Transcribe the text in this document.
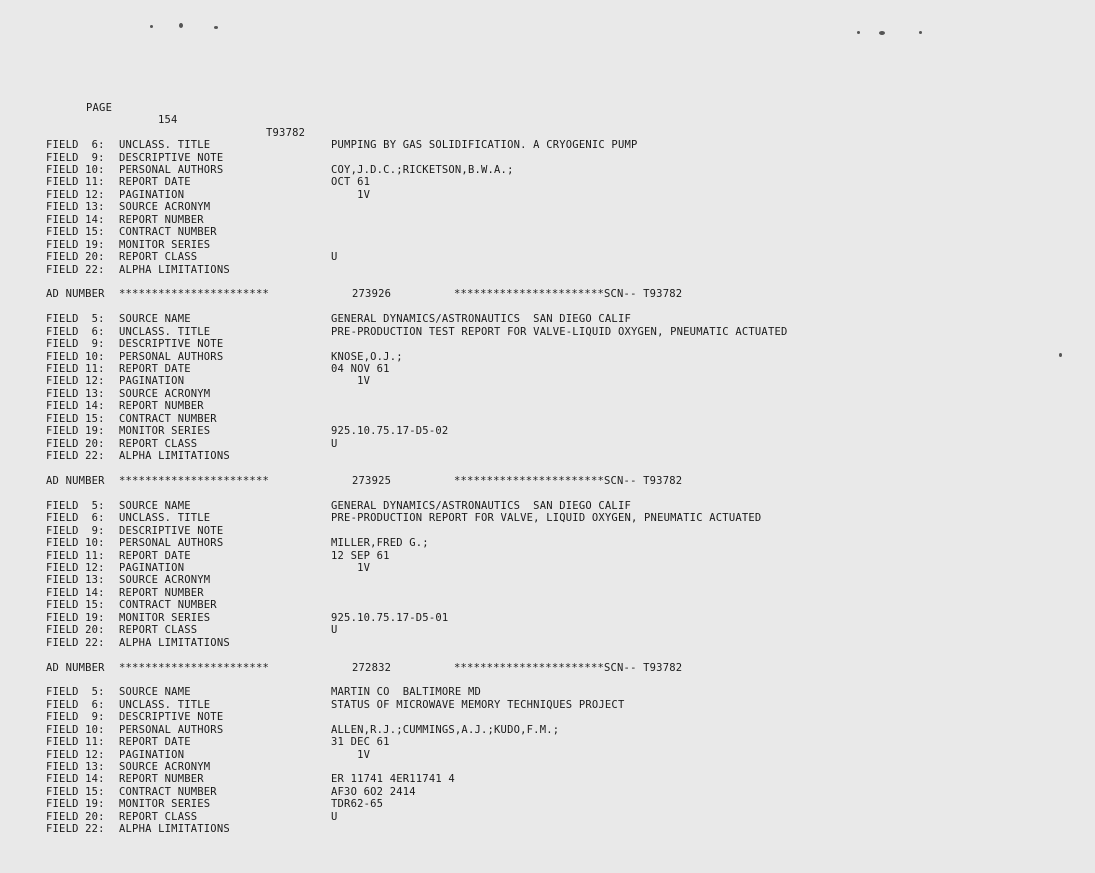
PAGE

154

T93782

FIELD  6: UNCLASS. TITLE	PUMPING BY GAS SOLIDIFICATION. A CRYOGENIC PUMP
FIELD  9: DESCRIPTIVE NOTE
FIELD 10: PERSONAL AUTHORS	COY,J.D.C.;RICKETSON,B.W.A.;
FIELD 11: REPORT DATE	OCT 61
FIELD 12: PAGINATION	1V
FIELD 13: SOURCE ACRONYM
FIELD 14: REPORT NUMBER
FIELD 15: CONTRACT NUMBER
FIELD 19: MONITOR SERIES
FIELD 20: REPORT CLASS	U
FIELD 22: ALPHA LIMITATIONS
AD NUMBER ***********************	273926	***********************SCN-- T93782
FIELD  5: SOURCE NAME	GENERAL DYNAMICS/ASTRONAUTICS  SAN DIEGO CALIF
FIELD  6: UNCLASS. TITLE	PRE-PRODUCTION TEST REPORT FOR VALVE-LIQUID OXYGEN, PNEUMATIC ACTUATED
FIELD  9: DESCRIPTIVE NOTE
FIELD 10: PERSONAL AUTHORS	KNOSE,O.J.;
FIELD 11: REPORT DATE	04 NOV 61
FIELD 12: PAGINATION	1V
FIELD 13: SOURCE ACRONYM
FIELD 14: REPORT NUMBER
FIELD 15: CONTRACT NUMBER
FIELD 19: MONITOR SERIES	925.10.75.17-D5-02
FIELD 20: REPORT CLASS	U
FIELD 22: ALPHA LIMITATIONS
AD NUMBER ***********************	273925	***********************SCN-- T93782
FIELD  5: SOURCE NAME	GENERAL DYNAMICS/ASTRONAUTICS  SAN DIEGO CALIF
FIELD  6: UNCLASS. TITLE	PRE-PRODUCTION REPORT FOR VALVE, LIQUID OXYGEN, PNEUMATIC ACTUATED
FIELD  9: DESCRIPTIVE NOTE
FIELD 10: PERSONAL AUTHORS	MILLER,FRED G.;
FIELD 11: REPORT DATE	12 SEP 61
FIELD 12: PAGINATION	1V
FIELD 13: SOURCE ACRONYM
FIELD 14: REPORT NUMBER
FIELD 15: CONTRACT NUMBER
FIELD 19: MONITOR SERIES	925.10.75.17-D5-01
FIELD 20: REPORT CLASS	U
FIELD 22: ALPHA LIMITATIONS
AD NUMBER ***********************	272832	***********************SCN-- T93782
FIELD  5: SOURCE NAME	MARTIN CO  BALTIMORE MD
FIELD  6: UNCLASS. TITLE	STATUS OF MICROWAVE MEMORY TECHNIQUES PROJECT
FIELD  9: DESCRIPTIVE NOTE
FIELD 10: PERSONAL AUTHORS	ALLEN,R.J.;CUMMINGS,A.J.;KUDO,F.M.;
FIELD 11: REPORT DATE	31 DEC 61
FIELD 12: PAGINATION	1V
FIELD 13: SOURCE ACRONYM
FIELD 14: REPORT NUMBER	ER 11741 4ER11741 4
FIELD 15: CONTRACT NUMBER	AF3O 6O2 2414
FIELD 19: MONITOR SERIES	TDR62-65
FIELD 20: REPORT CLASS	U
FIELD 22: ALPHA LIMITATIONS
